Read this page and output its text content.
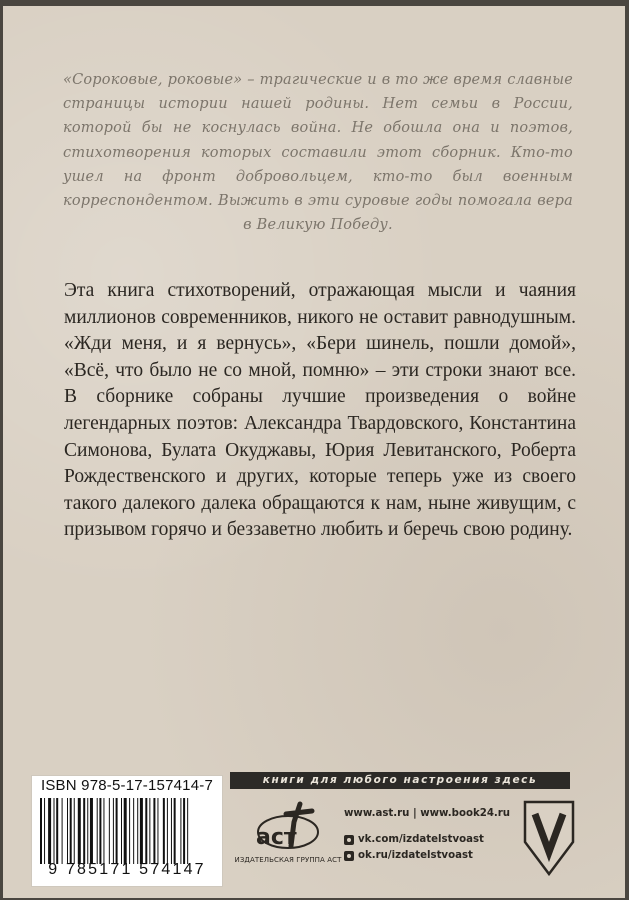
«Сороковые, роковые» – трагические и в то же время славные страницы истории нашей родины. Нет семьи в России, которой бы не коснулась война. Не обошла она и поэтов, стихотворения которых составили этот сборник. Кто-то ушел на фронт добровольцем, кто-то был военным корреспондентом. Выжить в эти суровые годы помогала вера в Великую Победу.

Эта книга стихотворений, отражающая мысли и чаяния миллионов современников, никого не оставит равнодушным. «Жди меня, и я вернусь», «Бери шинель, пошли домой», «Всё, что было не со мной, помню» – эти строки знают все. В сборнике собраны лучшие произведения о войне легендарных поэтов: Александра Твардовского, Константина Симонова, Булата Окуджавы, Юрия Левитанского, Роберта Рождественского и других, которые теперь уже из своего такого далекого далека обращаются к нам, ныне живущим, с призывом горячо и беззаветно любить и беречь свою родину.

ISBN 978-5-17-157414-7
9 785171 574147
книги для любого настроения здесь
аст
ИЗДАТЕЛЬСКАЯ ГРУППА АСТ
www.ast.ru | www.book24.ru
vk.com/izdatelstvoast
ok.ru/izdatelstvoast
